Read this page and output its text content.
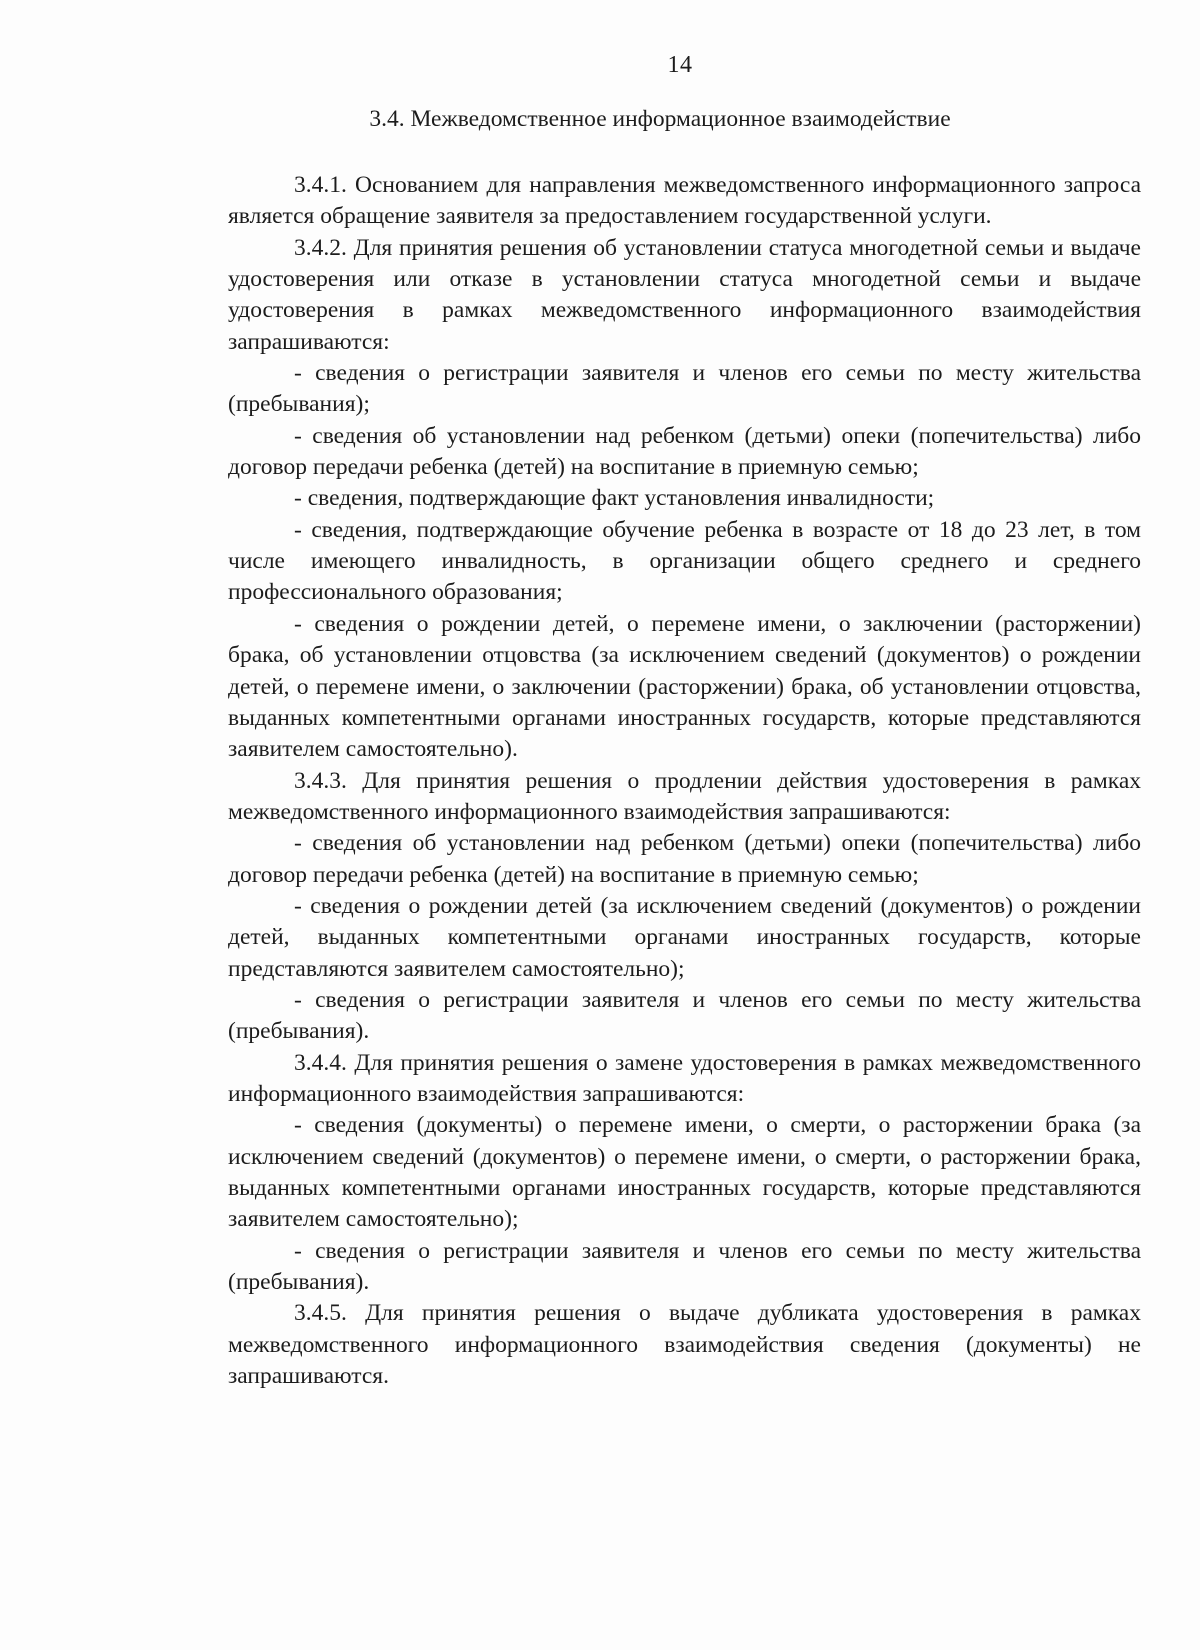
14
3.4. Межведомственное информационное взаимодействие

3.4.1. Основанием для направления межведомственного информационного запроса является обращение заявителя за предоставлением государственной услуги.

3.4.2. Для принятия решения об установлении статуса многодетной семьи и выдаче удостоверения или отказе в установлении статуса многодетной семьи и выдаче удостоверения в рамках межведомственного информационного взаимодействия запрашиваются:

- сведения о регистрации заявителя и членов его семьи по месту жительства (пребывания);

- сведения об установлении над ребенком (детьми) опеки (попечительства) либо договор передачи ребенка (детей) на воспитание в приемную семью;

- сведения, подтверждающие факт установления инвалидности;

- сведения, подтверждающие обучение ребенка в возрасте от 18 до 23 лет, в том числе имеющего инвалидность, в организации общего среднего и среднего профессионального образования;

- сведения о рождении детей, о перемене имени, о заключении (расторжении) брака, об установлении отцовства (за исключением сведений (документов) о рождении детей, о перемене имени, о заключении (расторжении) брака, об установлении отцовства, выданных компетентными органами иностранных государств, которые представляются заявителем самостоятельно).

3.4.3. Для принятия решения о продлении действия удостоверения в рамках межведомственного информационного взаимодействия запрашиваются:

- сведения об установлении над ребенком (детьми) опеки (попечительства) либо договор передачи ребенка (детей) на воспитание в приемную семью;

- сведения о рождении детей (за исключением сведений (документов) о рождении детей, выданных компетентными органами иностранных государств, которые представляются заявителем самостоятельно);

- сведения о регистрации заявителя и членов его семьи по месту жительства (пребывания).

3.4.4. Для принятия решения о замене удостоверения в рамках межведомственного информационного взаимодействия запрашиваются:

- сведения (документы) о перемене имени, о смерти, о расторжении брака (за исключением сведений (документов) о перемене имени, о смерти, о расторжении брака, выданных компетентными органами иностранных государств, которые представляются заявителем самостоятельно);

- сведения о регистрации заявителя и членов его семьи по месту жительства (пребывания).

3.4.5. Для принятия решения о выдаче дубликата удостоверения в рамках межведомственного информационного взаимодействия сведения (документы) не запрашиваются.
